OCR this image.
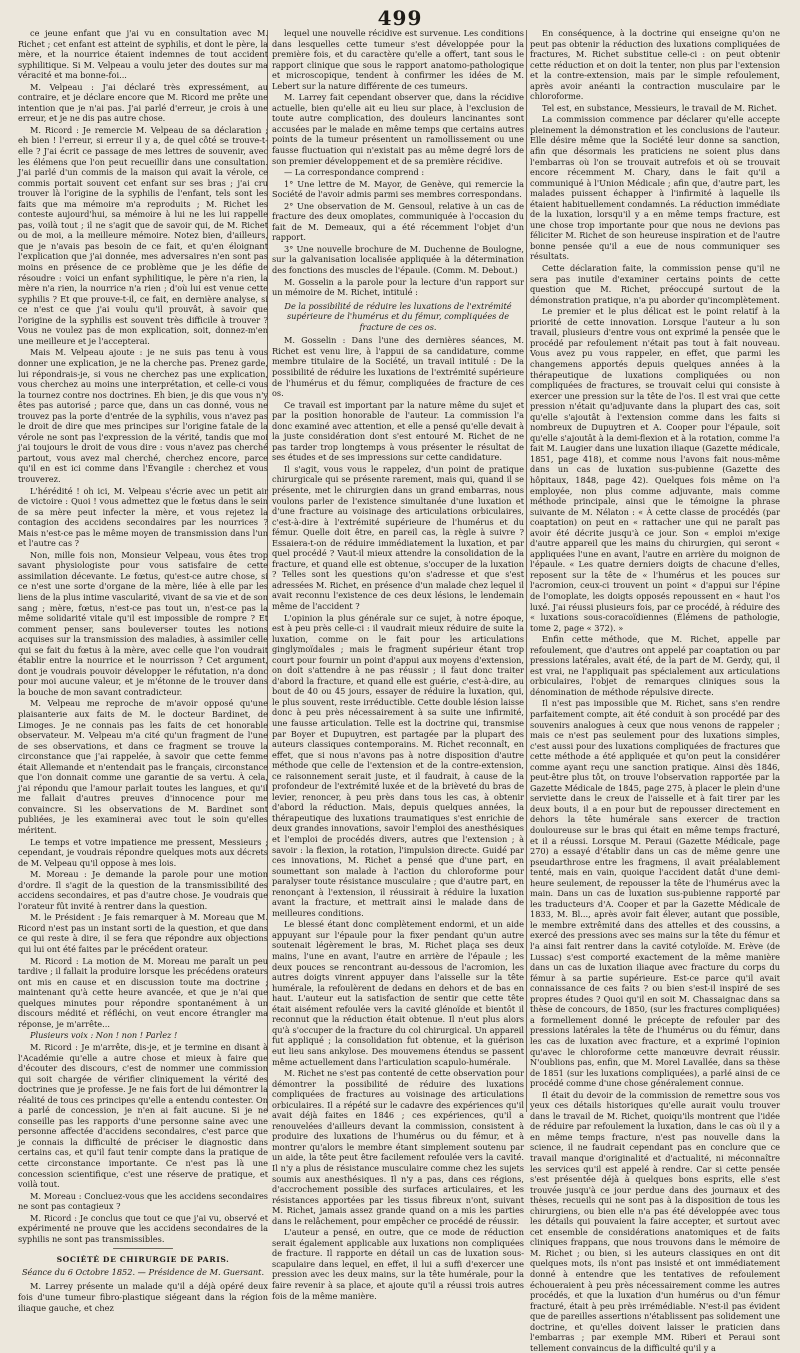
499

ce jeune enfant que j'ai vu en consultation avec M. Richet ; cet enfant est atteint de syphilis, et dont le père, la mère, et la nourrice étaient indemnes de tout accident syphilitique. Si M. Velpeau a voulu jeter des doutes sur ma véracité et ma bonne-foi...

M. Velpeau : J'ai déclaré très expressément, au contraire, et je déclare encore que M. Ricord me prête une intention que je n'ai pas. J'ai parlé d'erreur, je crois à une erreur, et je ne dis pas autre chose.

M. Ricord : Je remercie M. Velpeau de sa déclaration ; eh bien ! l'erreur, si erreur il y a, de quel côté se trouve-t-elle ? J'ai écrit ce passage de mes lettres de souvenir, avec les élémens que l'on peut recueillir dans une consultation. J'ai parlé d'un commis de la maison qui avait la vérole, ce commis portait souvent cet enfant sur ses bras ; j'ai cru trouver là l'origine de la syphilis de l'enfant, tels sont les faits que ma mémoire m'a reproduits ; M. Richet les conteste aujourd'hui, sa mémoire à lui ne les lui rappelle pas, voilà tout ; il ne s'agit que de savoir qui, de M. Richet ou de moi, a la meilleure mémoire. Notez bien, d'ailleurs, que je n'avais pas besoin de ce fait, et qu'en éloignant l'explication que j'ai donnée, mes adversaires n'en sont pas moins en présence de ce problème que je les défie de résoudre : voici un enfant syphilitique, le père n'a rien, la mère n'a rien, la nourrice n'a rien ; d'où lui est venue cette syphilis ? Et que prouve-t-il, ce fait, en dernière analyse, si ce n'est ce que j'ai voulu qu'il prouvât, à savoir que l'origine de la syphilis est souvent très difficile à trouver ? Vous ne voulez pas de mon explication, soit, donnez-m'en une meilleure et je l'accepterai.

Mais M. Velpeau ajoute : je ne suis pas tenu à vous donner une explication, je ne la cherche pas. Prenez garde, lui répondrais-je, si vous ne cherchez pas une explication, vous cherchez au moins une interprétation, et celle-ci vous la tournez contre nos doctrines. Eh bien, je dis que vous n'y êtes pas autorisé ; parce que, dans un cas donné, vous ne trouvez pas la porte d'entrée de la syphilis, vous n'avez pas le droit de dire que mes principes sur l'origine fatale de la vérole ne sont pas l'expression de la vérité, tandis que moi j'ai toujours le droit de vous dire : vous n'avez pas cherché partout, vous avez mal cherché, cherchez encore, parce qu'il en est ici comme dans l'Évangile : cherchez et vous trouverez.

L'hérédité ! oh ici, M. Velpeau s'écrie avec un petit air de victoire : Quoi ! vous admettez que le fœtus dans le sein de sa mère peut infecter la mère, et vous rejetez la contagion des accidens secondaires par les nourrices ? Mais n'est-ce pas le même moyen de transmission dans l'un et l'autre cas ?

Non, mille fois non, Monsieur Velpeau, vous êtes trop savant physiologiste pour vous satisfaire de cette assimilation décevante. Le fœtus, qu'est-ce autre chose, si ce n'est une sorte d'organe de la mère, liée à elle par les liens de la plus intime vascularité, vivant de sa vie et de son sang ; mère, fœtus, n'est-ce pas tout un, n'est-ce pas la même solidarité vitale qu'il est impossible de rompre ? Et comment penser, sans bouleverser toutes les notions acquises sur la transmission des maladies, à assimiler celle qui se fait du fœtus à la mère, avec celle que l'on voudrait établir entre la nourrice et le nourrisson ? Cet argument, dont je voudrais pouvoir développer le réfutation, n'a donc pour moi aucune valeur, et je m'étonne de le trouver dans la bouche de mon savant contradicteur.

M. Velpeau me reproche de m'avoir opposé qu'une plaisanterie aux faits de M. le docteur Bardinet, de Limoges. Je ne connais pas les faits de cet honorable observateur. M. Velpeau m'a cité qu'un fragment de l'une de ses observations, et dans ce fragment se trouve la circonstance que j'ai rappelée, à savoir que cette femme était Allemande et n'entendait pas le français, circonstance que l'on donnait comme une garantie de sa vertu. À cela, j'ai répondu que l'amour parlait toutes les langues, et qu'il me fallait d'autres preuves d'innocence pour me convaincre. Si les observations de M. Bardinet sont publiées, je les examinerai avec tout le soin qu'elles méritent.

Le temps et votre impatience me pressent, Messieurs ; cependant, je voudrais répondre quelques mots aux décrets de M. Velpeau qu'il oppose à mes lois.

M. Moreau : Je demande la parole pour une motion d'ordre. Il s'agit de la question de la transmissibilité des accidens secondaires, et pas d'autre chose. Je voudrais que l'orateur fût invité à rentrer dans la question.

M. le Président : Je fais remarquer à M. Moreau que M. Ricord n'est pas un instant sorti de la question, et que dans ce qui reste à dire, il se fera que répondre aux objections qui lui ont été faites par le précédent orateur.

M. Ricord : La motion de M. Moreau me paraît un peu tardive ; il fallait la produire lorsque les précédens orateurs ont mis en cause et en discussion toute ma doctrine ; maintenant qu'à cette heure avancée, et que je n'ai que quelques minutes pour répondre spontanément à un discours médité et réfléchi, on veut encore étrangler ma réponse, je m'arrête...

Plusieurs voix : Non ! non ! Parlez !

M. Ricord : Je m'arrête, dis-je, et je termine en disant à l'Académie qu'elle a autre chose et mieux à faire que d'écouter des discours, c'est de nommer une commission qui soit chargée de vérifier cliniquement la vérité des doctrines que je professe. Je ne fais fort de lui démontrer la réalité de tous ces principes qu'elle a entendu contester. On a parlé de concession, je n'en ai fait aucune. Si je ne conseille pas les rapports d'une personne saine avec une personne affectée d'accidens secondaires, c'est parce que je connais la difficulté de préciser le diagnostic dans certains cas, et qu'il faut tenir compte dans la pratique de cette circonstance importante. Ce n'est pas là une concession scientifique, c'est une réserve de pratique, et voilà tout.

M. Moreau : Concluez-vous que les accidens secondaires ne sont pas contagieux ?

M. Ricord : Je conclus que tout ce que j'ai vu, observé et expérimenté ne prouve que les accidens secondaires de la syphilis ne sont pas transmissibles.

SOCIÉTÉ DE CHIRURGIE DE PARIS.
Séance du 6 Octobre 1852. — Présidence de M. Guersant.

M. Larrey présente un malade qu'il a déjà opéré deux fois d'une tumeur fibro-plastique siégeant dans la région iliaque gauche, et chez

lequel une nouvelle récidive est survenue. Les conditions dans lesquelles cette tumeur s'est développée pour la première fois, et du caractère qu'elle a offert, tant sous le rapport clinique que sous le rapport anatomo-pathologique et microscopique, tendent à confirmer les idées de M. Lebert sur la nature différente de ces tumeurs.

M. Larrey fait cependant observer que, dans la récidive actuelle, bien qu'elle ait eu lieu sur place, à l'exclusion de toute autre complication, des douleurs lancinantes sont accusées par le malade en même temps que certains autres points de la tumeur présentent un ramollissement ou une fausse fluctuation qui n'existait pas au même degré lors de son premier développement et de sa première récidive.

— La correspondance comprend :

1° Une lettre de M. Mayor, de Genève, qui remercie la Société de l'avoir admis parmi ses membres correspondans.

2° Une observation de M. Gensoul, relative à un cas de fracture des deux omoplates, communiquée à l'occasion du fait de M. Demeaux, qui a été récemment l'objet d'un rapport.

3° Une nouvelle brochure de M. Duchenne de Boulogne, sur la galvanisation localisée appliquée à la détermination des fonctions des muscles de l'épaule. (Comm. M. Debout.)

M. Gosselin a la parole pour la lecture d'un rapport sur un mémoire de M. Richet, intitulé :

De la possibilité de réduire les luxations de l'extrémité supérieure de l'humérus et du fémur, compliquées de fracture de ces os.

M. Gosselin : Dans l'une des dernières séances, M. Richet est venu lire, à l'appui de sa candidature, comme membre titulaire de la Société, un travail intitulé : De la possibilité de réduire les luxations de l'extrémité supérieure de l'humérus et du fémur, compliquées de fracture de ces os.

Ce travail est important par la nature même du sujet et par la position honorable de l'auteur. La commission l'a donc examiné avec attention, et elle a pensé qu'elle devait à la juste considération dont s'est entouré M. Richet de ne pas tarder trop longtemps à vous présenter le résultat de ses études et de ses impressions sur cette candidature.

Il s'agit, vous vous le rappelez, d'un point de pratique chirurgicale qui se présente rarement, mais qui, quand il se présente, met le chirurgien dans un grand embarras, nous voulons parler de l'existence simultanée d'une luxation et d'une fracture au voisinage des articulations orbiculaires, c'est-à-dire à l'extrémité supérieure de l'humérus et du fémur. Quelle doit être, en pareil cas, la règle à suivre ? Essaiera-t-on de réduire immédiatement la luxation, et par quel procédé ? Vaut-il mieux attendre la consolidation de la fracture, et quand elle est obtenue, s'occuper de la luxation ? Telles sont les questions qu'on s'adresse et que s'est adressées M. Richet, en présence d'un malade chez lequel il avait reconnu l'existence de ces deux lésions, le lendemain même de l'accident ?

L'opinion la plus générale sur ce sujet, à notre époque, est à peu près celle-ci : il vaudrait mieux réduire de suite la luxation, comme on le fait pour les articulations ginglymoïdales ; mais le fragment supérieur étant trop court pour fournir un point d'appui aux moyens d'extension, on doit s'attendre à ne pas réussir ; il faut donc traiter d'abord la fracture, et quand elle est guérie, c'est-à-dire, au bout de 40 ou 45 jours, essayer de réduire la luxation, qui, le plus souvent, reste irréductible. Cette double lésion laisse donc à peu près nécessairement à sa suite une infirmité, une fausse articulation. Telle est la doctrine qui, transmise par Boyer et Dupuytren, est partagée par la plupart des auteurs classiques contemporains. M. Richet reconnaît, en effet, que si nous n'avons pas à notre disposition d'autre méthode que celle de l'extension et de la contre-extension, ce raisonnement serait juste, et il faudrait, à cause de la profondeur de l'extrémité luxée et de la brièveté du bras de levier, renoncer, à peu près dans tous les cas, à obtenir d'abord la réduction. Mais, depuis quelques années, la thérapeutique des luxations traumatiques s'est enrichie de deux grandes innovations, savoir l'emploi des anesthésiques et l'emploi de procédés divers, autres que l'extension ; à savoir : la flexion, la rotation, l'impulsion directe. Guidé par ces innovations, M. Richet a pensé que d'une part, en soumettant son malade à l'action du chloroforme pour paralyser toute résistance musculaire ; que d'autre part, en renonçant à l'extension, il réussirait à réduire la luxation avant la fracture, et mettrait ainsi le malade dans de meilleures conditions.

Le blessé étant donc complètement endormi, et un aide appuyant sur l'épaule pour la fixer pendant qu'un autre soutenait légèrement le bras, M. Richet plaça ses deux mains, l'une en avant, l'autre en arrière de l'épaule ; les deux pouces se rencontrant au-dessous de l'acromion, les autres doigts vinrent appuyer dans l'aisselle sur la tête humérale, la refoulèrent de dedans en dehors et de bas en haut. L'auteur eut la satisfaction de sentir que cette tête était aisément refoulée vers la cavité glénoïde et bientôt il reconnut que la réduction était obtenue. Il n'eut plus alors qu'à s'occuper de la fracture du col chirurgical. Un appareil fut appliqué ; la consolidation fut obtenue, et la guérison eut lieu sans ankylose. Des mouvemens étendus se passent même actuellement dans l'articulation scapulo-humérale.

M. Richet ne s'est pas contenté de cette observation pour démontrer la possibilité de réduire des luxations compliquées de fractures au voisinage des articulations orbiculaires. Il a répété sur le cadavre des expériences qu'il avait déjà faites en 1846 ; ces expériences, qu'il a renouvelées d'ailleurs devant la commission, consistent à produire des luxations de l'humérus ou du fémur, et à montrer qu'alors le membre étant simplement soutenu par un aide, la tête peut être facilement refoulée vers la cavité. Il n'y a plus de résistance musculaire comme chez les sujets soumis aux anesthésiques. Il n'y a pas, dans ces régions, d'accrochement possible des surfaces articulaires, et les résistances apportées par les tissus fibreux n'ont, suivant M. Richet, jamais assez grande quand on a mis les parties dans le relâchement, pour empêcher ce procédé de réussir.

L'auteur a pensé, en outre, que ce mode de réduction serait également applicable aux luxations non compliquées de fracture. Il rapporte en détail un cas de luxation sous-scapulaire dans lequel, en effet, il lui a suffi d'exercer une pression avec les deux mains, sur la tête humérale, pour la faire revenir à sa place, et ajoute qu'il a réussi trois autres fois de la même manière.

En conséquence, à la doctrine qui enseigne qu'on ne peut pas obtenir la réduction des luxations compliquées de fractures, M. Richet substitue celle-ci : on peut obtenir cette réduction et on doit la tenter, non plus par l'extension et la contre-extension, mais par le simple refoulement, après avoir anéanti la contraction musculaire par le chloroforme.

Tel est, en substance, Messieurs, le travail de M. Richet.

La commission commence par déclarer qu'elle accepte pleinement la démonstration et les conclusions de l'auteur. Elle désire même que la Société leur donne sa sanction, afin que désormais les praticiens ne soient plus dans l'embarras où l'on se trouvait autrefois et où se trouvait encore récemment M. Chary, dans le fait qu'il a communiqué à l'Union Médicale ; afin que, d'autre part, les malades puissent échapper à l'infirmité à laquelle ils étaient habituellement condamnés. La réduction immédiate de la luxation, lorsqu'il y a en même temps fracture, est une chose trop importante pour que nous ne devions pas féliciter M. Richet de son heureuse inspiration et de l'autre bonne pensée qu'il a eue de nous communiquer ses résultats.

Cette déclaration faite, la commission pense qu'il ne sera pas inutile d'examiner certains points de cette question que M. Richet, préoccupé surtout de la démonstration pratique, n'a pu aborder qu'incomplètement.

Le premier et le plus délicat est le point relatif à la priorité de cette innovation. Lorsque l'auteur a lu son travail, plusieurs d'entre vous ont exprimé la pensée que le procédé par refoulement n'était pas tout à fait nouveau. Vous avez pu vous rappeler, en effet, que parmi les changemens apportés depuis quelques années à la thérapeutique de luxations compliquées ou non compliquées de fractures, se trouvait celui qui consiste à exercer une pression sur la tête de l'os. Il est vrai que cette pression n'était qu'adjuvante dans la plupart des cas, soit qu'elle s'ajoutât à l'extension comme dans les faits si nombreux de Dupuytren et A. Cooper pour l'épaule, soit qu'elle s'ajoutât à la demi-flexion et à la rotation, comme l'a fait M. Laugier dans une luxation iliaque (Gazette médicale, 1851, page 418), et comme nous l'avons fait nous-même dans un cas de luxation sus-pubienne (Gazette des hôpitaux, 1848, page 42). Quelques fois même on l'a employée, non plus comme adjuvante, mais comme méthode principale, ainsi que le témoigne la phrase suivante de M. Nélaton : « À cette classe de procédés (par coaptation) on peut en « rattacher une qui ne paraît pas avoir été décrite jusqu'à ce jour. Son « emploi m'exige d'autre appareil que les mains du chirurgien, qui seront « appliquées l'une en avant, l'autre en arrière du moignon de l'épaule. « Les quatre derniers doigts de chacune d'elles, reposent sur la tête de « l'humérus et les pouces sur l'acromion, ceux-ci trouvent un point « d'appui sur l'épine de l'omoplate, les doigts opposés repoussent en « haut l'os luxé. J'ai réussi plusieurs fois, par ce procédé, à réduire des « luxations sous-coracoïdiennes (Élémens de pathologie, tome 2, page « 372). »

Enfin cette méthode, que M. Richet, appelle par refoulement, que d'autres ont appelé par coaptation ou par pressions latérales, avait été, de la part de M. Gerdy, qui, il est vrai, ne l'appliquait pas spécialement aux articulations orbiculaires, l'objet de remarques cliniques sous la dénomination de méthode répulsive directe.

Il n'est pas impossible que M. Richet, sans s'en rendre parfaitement compte, ait été conduit à son procédé par des souvenirs analogues à ceux que nous venons de rappeler ; mais ce n'est pas seulement pour des luxations simples, c'est aussi pour des luxations compliquées de fractures que cette méthode a été appliquée et qu'on peut la considérer comme ayant reçu une sanction pratique. Ainsi dès 1846, peut-être plus tôt, on trouve l'observation rapportée par la Gazette Médicale de 1845, page 275, à placer le plein d'une serviette dans le creux de l'aisselle et à fait tirer par les deux bouts, il a en pour but de repousser directement en dehors la tête humérale sans exercer de traction douloureuse sur le bras qui était en même temps fracturé, et il a réussi. Lorsque M. Peraui (Gazette Médicale, page 270) a essayé d'établir dans un cas de même genre une pseudarthrose entre les fragmens, il avait préalablement tenté, mais en vain, quoique l'accident datât d'une demi-heure seulement, de repousser la tête de l'humérus avec la main. Dans un cas de luxation sus-pubienne rapporté par les traducteurs d'A. Cooper et par la Gazette Médicale de 1833, M. Bl..., après avoir fait élever, autant que possible, le membre extrêmité dans des attelles et des coussins, a exercé des pressions avec ses mains sur la tête du fémur et l'a ainsi fait rentrer dans la cavité cotyloïde. M. Erève (de Lussac) s'est comporté exactement de la même manière dans un cas de luxation iliaque avec fracture du corps du fémur à sa partie supérieure. Est-ce parce qu'il avait connaissance de ces faits ? ou bien s'est-il inspiré de ses propres études ? Quoi qu'il en soit M. Chassaignac dans sa thèse de concours, de 1850, (sur les fractures compliquées) a formellement donné le précepte de refouler par des pressions latérales la tête de l'humérus ou du fémur, dans les cas de luxation avec fracture, et a exprimé l'opinion qu'avec le chloroforme cette manœuvre devrait réussir. N'oublions pas, enfin, que M. Morel Lavallée, dans sa thèse de 1851 (sur les luxations compliquées), a parlé ainsi de ce procédé comme d'une chose généralement connue.

Il était du devoir de la commission de remettre sous vos yeux ces détails historiques qu'elle aurait voulu trouver dans le travail de M. Richet, quoiqu'ils montrent que l'idée de réduire par refoulement la luxation, dans le cas où il y a en même temps fracture, n'est pas nouvelle dans la science, il ne faudrait cependant pas en conclure que ce travail manque d'originalité et d'actualité, ni méconnaître les services qu'il est appelé à rendre. Car si cette pensée s'est présentée déjà à quelques bons esprits, elle s'est trouvée jusqu'à ce jour perdue dans des journaux et des thèses, recueils qui ne sont pas à la disposition de tous les chirurgiens, ou bien elle n'a pas été développée avec tous les détails qui pouvaient la faire accepter, et surtout avec cet ensemble de considérations anatomiques et de faits cliniques frappans, que nous trouvons dans le mémoire de M. Richet ; ou bien, si les auteurs classiques en ont dit quelques mots, ils n'ont pas insisté et ont immédiatement donné à entendre que les tentatives de refoulement échoueraient à peu près nécessairement comme les autres procédés, et que la luxation d'un humérus ou d'un fémur fracturé, était à peu près irrémédiable. N'est-il pas évident que de pareilles assertions n'établissent pas solidement une doctrine, et qu'elles doivent laisser le praticien dans l'embarras ; par exemple MM. Riberi et Peraui sont tellement convaincus de la difficulté qu'il y a
